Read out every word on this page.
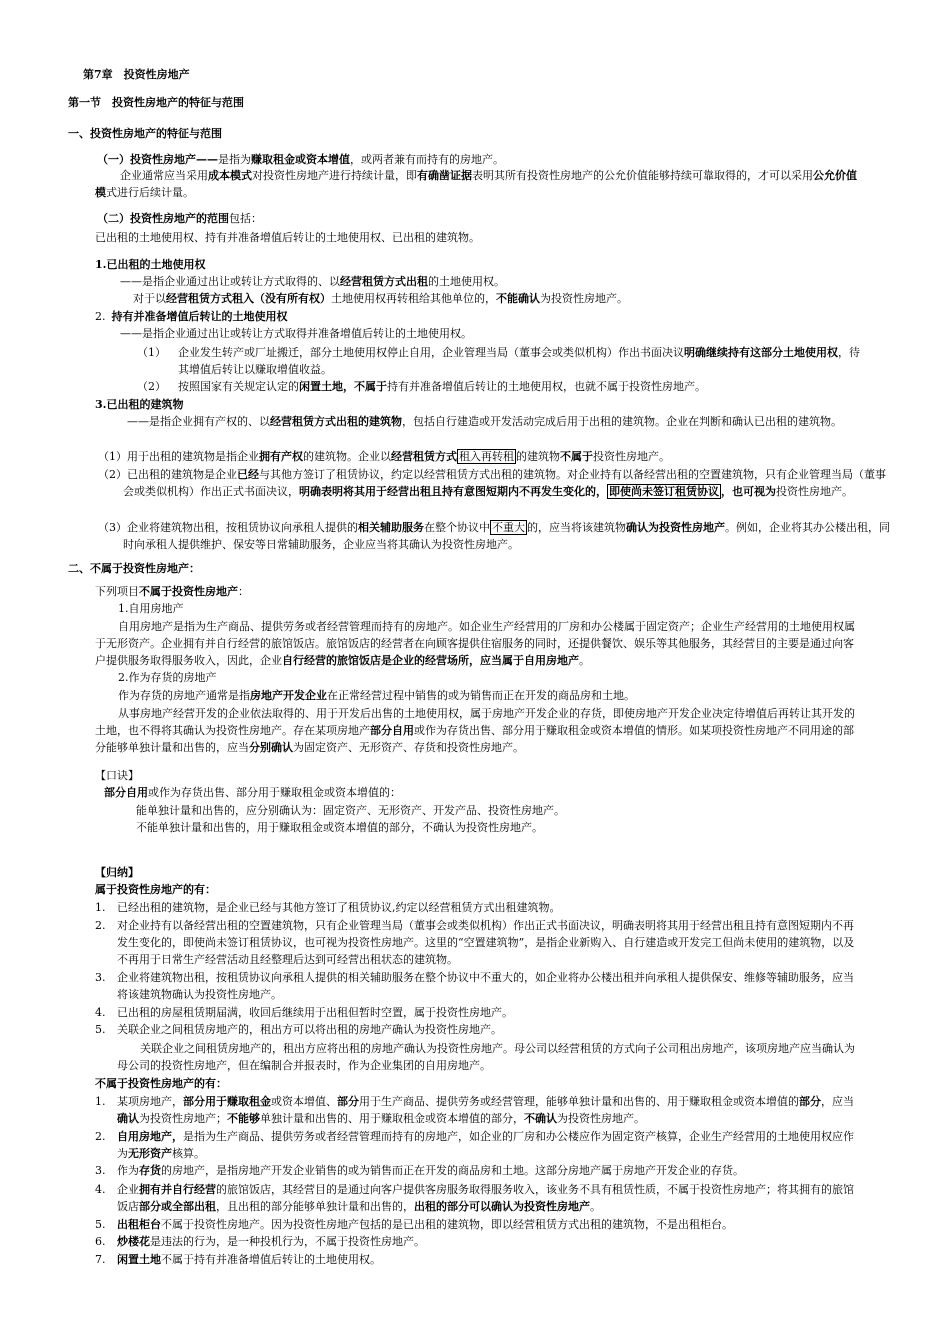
第7章　投资性房地产
第一节　投资性房地产的特征与范围
一、投资性房地产的特征与范围
（一）投资性房地产——是指为赚取租金或资本增值，或两者兼有而持有的房地产。
企业通常应当采用成本模式对投资性房地产进行持续计量，即有确凿证据表明其所有投资性房地产的公允价值能够持续可靠取得的，才可以采用公允价值模式进行后续计量。
（二）投资性房地产的范围包括：
已出租的土地使用权、持有并准备增值后转让的土地使用权、已出租的建筑物。
1.已出租的土地使用权
——是指企业通过出让或转让方式取得的、以经营租赁方式出租的土地使用权。
对于以经营租赁方式租入（没有所有权）土地使用权再转租给其他单位的，不能确认为投资性房地产。
2. 持有并准备增值后转让的土地使用权
——是指企业通过出让或转让方式取得并准备增值后转让的土地使用权。
（1） 企业发生转产或厂址搬迁，部分土地使用权停止自用，企业管理当局（董事会或类似机构）作出书面决议明确继续持有这部分土地使用权，待其增值后转让以赚取增值收益。
（2） 按照国家有关规定认定的闲置土地，不属于持有并准备增值后转让的土地使用权，也就不属于投资性房地产。
3.已出租的建筑物
——是指企业拥有产权的、以经营租赁方式出租的建筑物，包括自行建造或开发活动完成后用于出租的建筑物。企业在判断和确认已出租的建筑物。
（1）用于出租的建筑物是指企业拥有产权的建筑物。企业以经营租赁方式 租入再转租 的建筑物不属于投资性房地产。
（2）已出租的建筑物是企业已经与其他方签订了租赁协议，约定以经营租赁方式出租的建筑物。对企业持有以备经营出租的空置建筑物，只有企业管理当局（董事会或类似机构）作出正式书面决议，明确表明将其用于经营出租且持有意图短期内不再发生变化的， 即使尚未签订租赁协议 ，也可视为投资性房地产。
（3）企业将建筑物出租，按租赁协议向承租人提供的相关辅助服务在整个协议中 不重大 的，应当将该建筑物确认为投资性房地产。例如，企业将其办公楼出租，同时向承租人提供维护、保安等日常辅助服务，企业应当将其确认为投资性房地产。
二、不属于投资性房地产：
下列项目不属于投资性房地产：
1.自用房地产
自用房地产是指为生产商品、提供劳务或者经营管理而持有的房地产。如企业生产经营用的厂房和办公楼属于固定资产；企业生产经营用的土地使用权属于无形资产。企业拥有并自行经营的旅馆饭店。旅馆饭店的经营者在向顾客提供住宿服务的同时，还提供餐饮、娱乐等其他服务，其经营目的主要是通过向客户提供服务取得服务收入，因此，企业自行经营的旅馆饭店是企业的经营场所，应当属于自用房地产。
2.作为存货的房地产
作为存货的房地产通常是指房地产开发企业在正常经营过程中销售的或为销售而正在开发的商品房和土地。
从事房地产经营开发的企业依法取得的、用于开发后出售的土地使用权，属于房地产开发企业的存货，即使房地产开发企业决定待增值后再转让其开发的土地，也不得将其确认为投资性房地产。存在某项房地产部分自用或作为存货出售、部分用于赚取租金或资本增值的情形。如某项投资性房地产不同用途的部分能够单独计量和出售的，应当分别确认为固定资产、无形资产、存货和投资性房地产。
【口诀】
部分自用或作为存货出售、部分用于赚取租金或资本增值的：
能单独计量和出售的，应分别确认为：固定资产、无形资产、开发产品、投资性房地产。
不能单独计量和出售的，用于赚取租金或资本增值的部分，不确认为投资性房地产。
【归纳】
属于投资性房地产的有：
1. 已经出租的建筑物，是企业已经与其他方签订了租赁协议,约定以经营租赁方式出租建筑物。
2. 对企业持有以备经营出租的空置建筑物，只有企业管理当局（董事会或类似机构）作出正式书面决议，明确表明将其用于经营出租且持有意图短期内不再发生变化的，即使尚未签订租赁协议，也可视为投资性房地产。这里的“空置建筑物”，是指企业新购入、自行建造或开发完工但尚未使用的建筑物，以及不再用于日常生产经营活动且经整理后达到可经营出租状态的建筑物。
3. 企业将建筑物出租，按租赁协议向承租人提供的相关辅助服务在整个协议中不重大的，如企业将办公楼出租并向承租人提供保安、维修等辅助服务，应当将该建筑物确认为投资性房地产。
4. 已出租的房屋租赁期届满，收回后继续用于出租但暂时空置，属于投资性房地产。
5. 关联企业之间租赁房地产的，租出方可以将出租的房地产确认为投资性房地产。
关联企业之间租赁房地产的，租出方应将出租的房地产确认为投资性房地产。母公司以经营租赁的方式向子公司租出房地产，该项房地产应当确认为母公司的投资性房地产，但在编制合并报表时，作为企业集团的自用房地产。
不属于投资性房地产的有：
1. 某项房地产，部分用于赚取租金或资本增值、部分用于生产商品、提供劳务或经营管理，能够单独计量和出售的、用于赚取租金或资本增值的部分，应当确认为投资性房地产；不能够单独计量和出售的、用于赚取租金或资本增值的部分，不确认为投资性房地产。
2. 自用房地产，是指为生产商品、提供劳务或者经营管理而持有的房地产，如企业的厂房和办公楼应作为固定资产核算，企业生产经营用的土地使用权应作为无形资产核算。
3. 作为存货的房地产，是指房地产开发企业销售的或为销售而正在开发的商品房和土地。这部分房地产属于房地产开发企业的存货。
4. 企业拥有并自行经营的旅馆饭店，其经营目的是通过向客户提供客房服务取得服务收入，该业务不具有租赁性质，不属于投资性房地产；将其拥有的旅馆饭店部分或全部出租，且出租的部分能够单独计量和出售的，出租的部分可以确认为投资性房地产。
5. 出租柜台不属于投资性房地产。因为投资性房地产包括的是已出租的建筑物，即以经营租赁方式出租的建筑物，不是出租柜台。
6. 炒楼花是违法的行为，是一种投机行为，不属于投资性房地产。
7. 闲置土地不属于持有并准备增值后转让的土地使用权。
